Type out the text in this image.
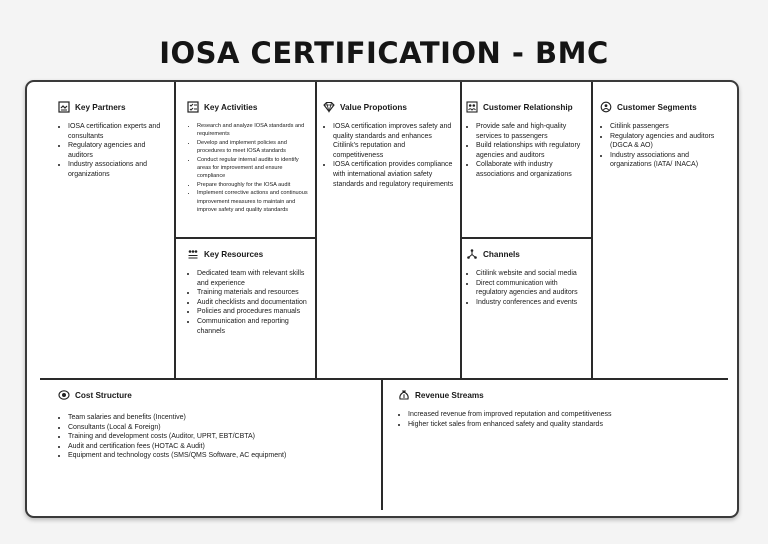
IOSA CERTIFICATION - BMC
Key Partners
• IOSA certification experts and consultants
• Regulatory agencies and auditors
• Industry associations and organizations
Key Activities
• Research and analyze IOSA standards and requirements
• Develop and implement policies and procedures to meet IOSA standards
• Conduct regular internal audits to identify areas for improvement and ensure compliance
• Prepare thoroughly for the IOSA audit
• Implement corrective actions and continuous improvement measures to maintain and improve safety and quality standards
Value Propotions
• IOSA certification improves safety and quality standards and enhances Citilink's reputation and competitiveness
• IOSA certification provides compliance with international aviation safety standards and regulatory requirements
Customer Relationship
• Provide safe and high-quality services to passengers
• Build relationships with regulatory agencies and auditors
• Collaborate with industry associations and organizations
Customer Segments
• Citilink passengers
• Regulatory agencies and auditors (DGCA & AO)
• Industry associations and organizations (IATA/ INACA)
Key Resources
• Dedicated team with relevant skills and experience
• Training materials and resources
• Audit checklists and documentation
• Policies and procedures manuals
• Communication and reporting channels
Channels
• Citilink website and social media
• Direct communication with regulatory agencies and auditors
• Industry conferences and events
Cost Structure
• Team salaries and benefits (Incentive)
• Consultants (Local & Foreign)
• Training and development costs (Auditor, UPRT, EBT/CBTA)
• Audit and certification fees (HOTAC & Audit)
• Equipment and technology costs (SMS/QMS Software, AC equipment)
Revenue Streams
• Increased revenue from improved reputation and competitiveness
• Higher ticket sales from enhanced safety and quality standards
